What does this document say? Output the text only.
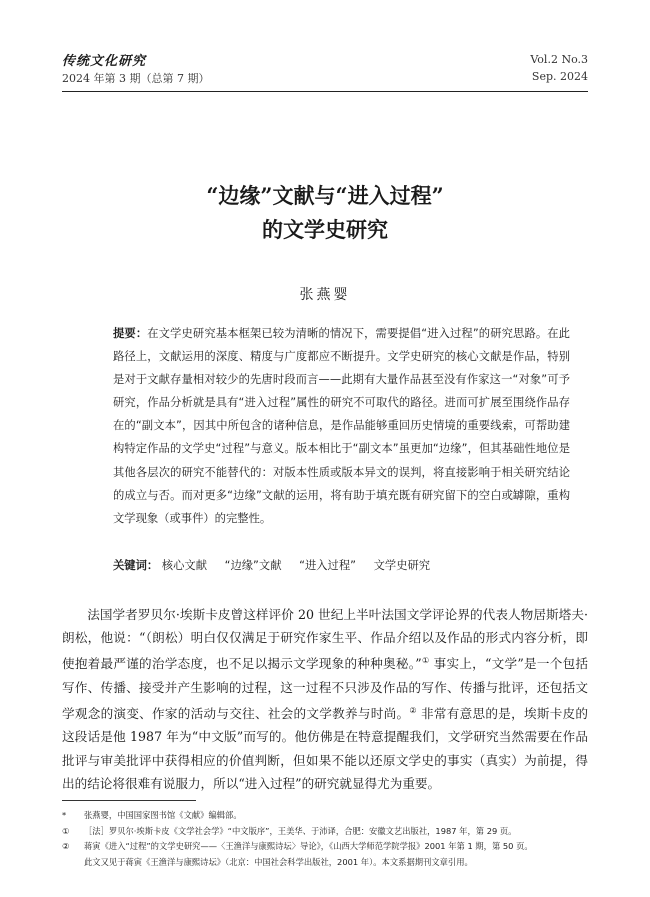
传统文化研究
2024 年第 3 期（总第 7 期）
Vol.2 No.3
Sep. 2024
“边缘”文献与“进入过程”
的文学史研究
张燕婴
提要：在文学史研究基本框架已较为清晰的情况下，需要提倡“进入过程”的研究思路。在此路径上，文献运用的深度、精度与广度都应不断提升。文学史研究的核心文献是作品，特别是对于文献存量相对较少的先唐时段而言——此期有大量作品甚至没有作家这一“对象”可予研究，作品分析就是具有“进入过程”属性的研究不可取代的路径。进而可扩展至围绕作品存在的“副文本”，因其中所包含的诸种信息，是作品能够重回历史情境的重要线索，可帮助建构特定作品的文学史“过程”与意义。版本相比于“副文本”虽更加“边缘”，但其基础性地位是其他各层次的研究不能替代的：对版本性质或版本异文的误判，将直接影响于相关研究结论的成立与否。而对更多“边缘”文献的运用，将有助于填充既有研究留下的空白或罅隙，重构文学现象（或事件）的完整性。
关键词： 核心文献 “边缘”文献 “进入过程” 文学史研究
法国学者罗贝尔·埃斯卡皮曾这样评价 20 世纪上半叶法国文学评论界的代表人物居斯塔夫·朗松，他说：“（朗松）明白仅仅满足于研究作家生平、作品介绍以及作品的形式内容分析，即使抱着最严谨的治学态度，也不足以揭示文学现象的种种奥秘。”① 事实上，“文学”是一个包括写作、传播、接受并产生影响的过程，这一过程不只涉及作品的写作、传播与批评，还包括文学观念的演变、作家的活动与交往、社会的文学教养与时尚。② 非常有意思的是，埃斯卡皮的这段话是他 1987 年为“中文版”而写的。他仿佛是在特意提醒我们，文学研究当然需要在作品批评与审美批评中获得相应的价值判断，但如果不能以还原文学史的事实（真实）为前提，得出的结论将很难有说服力，所以“进入过程”的研究就显得尤为重要。
*	张燕婴，中国国家图书馆《文献》编辑部。
①	［法］罗贝尔·埃斯卡皮《文学社会学》“中文版序”，王美华、于沛译，合肥：安徽文艺出版社，1987 年，第 29 页。
②	蒋寅《进入“过程”的文学史研究——〈王渔洋与康熙诗坛〉导论》，《山西大学师范学院学报》2001 年第 1 期，第 50 页。
此文又见于蒋寅《王渔洋与康熙诗坛》（北京：中国社会科学出版社，2001 年）。本文系据期刊文章引用。
